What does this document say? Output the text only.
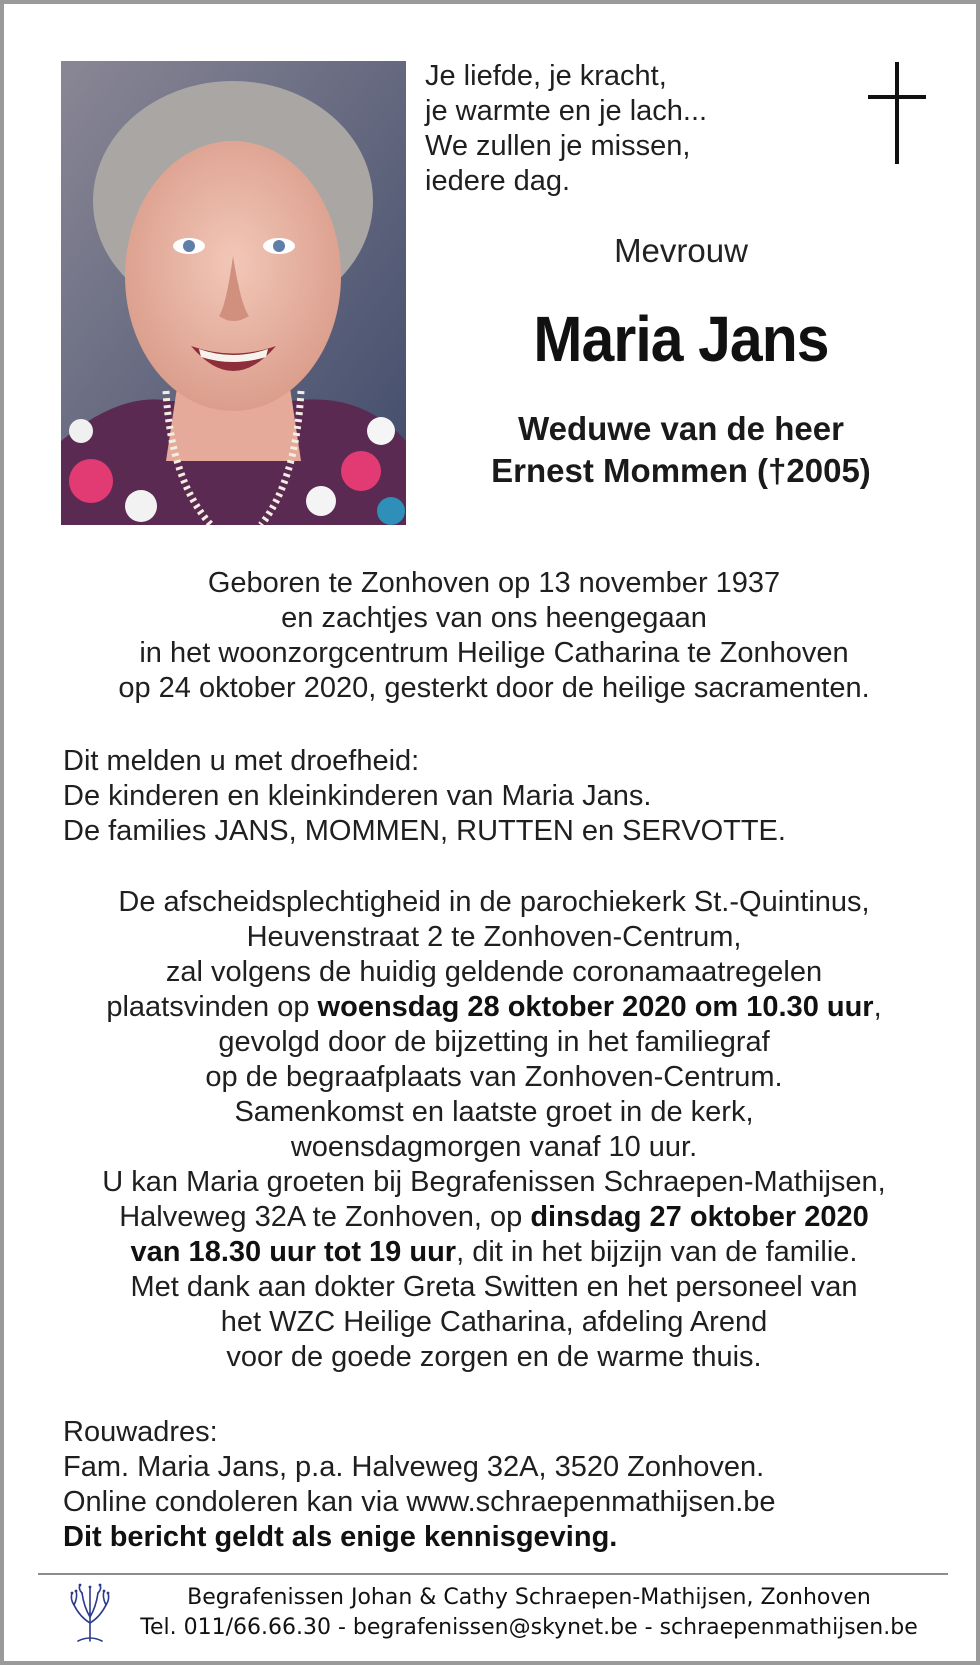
Je liefde, je kracht,
je warmte en je lach...
We zullen je missen,
iedere dag.
Mevrouw
Maria Jans
Weduwe van de heer
Ernest Mommen (†2005)
Geboren te Zonhoven op 13 november 1937
en zachtjes van ons heengegaan
in het woonzorgcentrum Heilige Catharina te Zonhoven
op 24 oktober 2020, gesterkt door de heilige sacramenten.
Dit melden u met droefheid:
De kinderen en kleinkinderen van Maria Jans.
De families JANS, MOMMEN, RUTTEN en SERVOTTE.
De afscheidsplechtigheid in de parochiekerk St.-Quintinus,
Heuvenstraat 2 te Zonhoven-Centrum,
zal volgens de huidig geldende coronamaatregelen
plaatsvinden op woensdag 28 oktober 2020 om 10.30 uur,
gevolgd door de bijzetting in het familiegraf
op de begraafplaats van Zonhoven-Centrum.
Samenkomst en laatste groet in de kerk,
woensdagmorgen vanaf 10 uur.
U kan Maria groeten bij Begrafenissen Schraepen-Mathijsen,
Halveweg 32A te Zonhoven, op dinsdag 27 oktober 2020
van 18.30 uur tot 19 uur, dit in het bijzijn van de familie.
Met dank aan dokter Greta Switten en het personeel van
het WZC Heilige Catharina, afdeling Arend
voor de goede zorgen en de warme thuis.
Rouwadres:
Fam. Maria Jans, p.a. Halveweg 32A, 3520 Zonhoven.
Online condoleren kan via www.schraepenmathijsen.be
Dit bericht geldt als enige kennisgeving.
Begrafenissen Johan & Cathy Schraepen-Mathijsen, Zonhoven
Tel. 011/66.66.30 - begrafenissen@skynet.be - schraepenmathijsen.be
